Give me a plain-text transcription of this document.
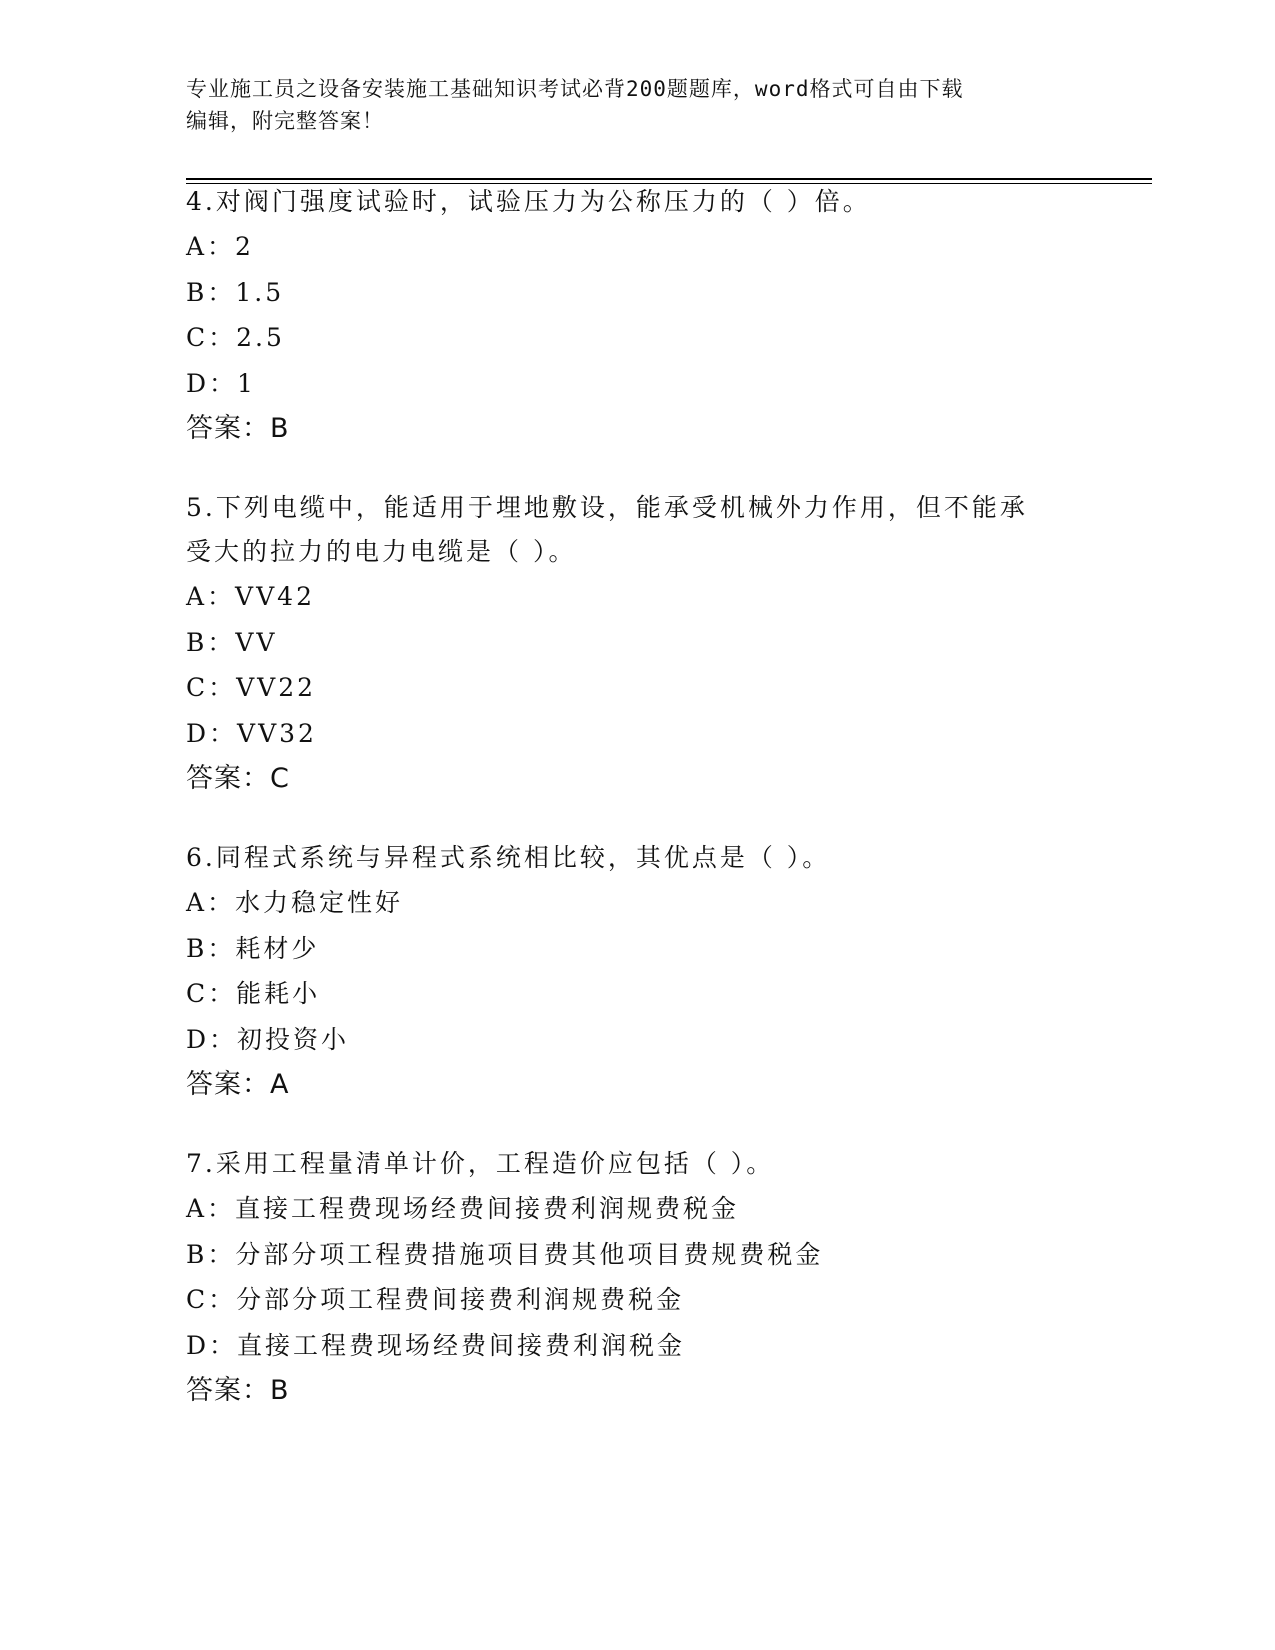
专业施工员之设备安装施工基础知识考试必背200题题库，word格式可自由下载
编辑，附完整答案！
4.对阀门强度试验时，试验压力为公称压力的（ ）倍。
A：2
B：1.5
C：2.5
D：1
答案：B
5.下列电缆中，能适用于埋地敷设，能承受机械外力作用，但不能承
受大的拉力的电力电缆是（ ）。
A：VV42
B：VV
C：VV22
D：VV32
答案：C
6.同程式系统与异程式系统相比较，其优点是（ ）。
A：水力稳定性好
B：耗材少
C：能耗小
D：初投资小
答案：A
7.采用工程量清单计价，工程造价应包括（ ）。
A：直接工程费现场经费间接费利润规费税金
B：分部分项工程费措施项目费其他项目费规费税金
C：分部分项工程费间接费利润规费税金
D：直接工程费现场经费间接费利润税金
答案：B
